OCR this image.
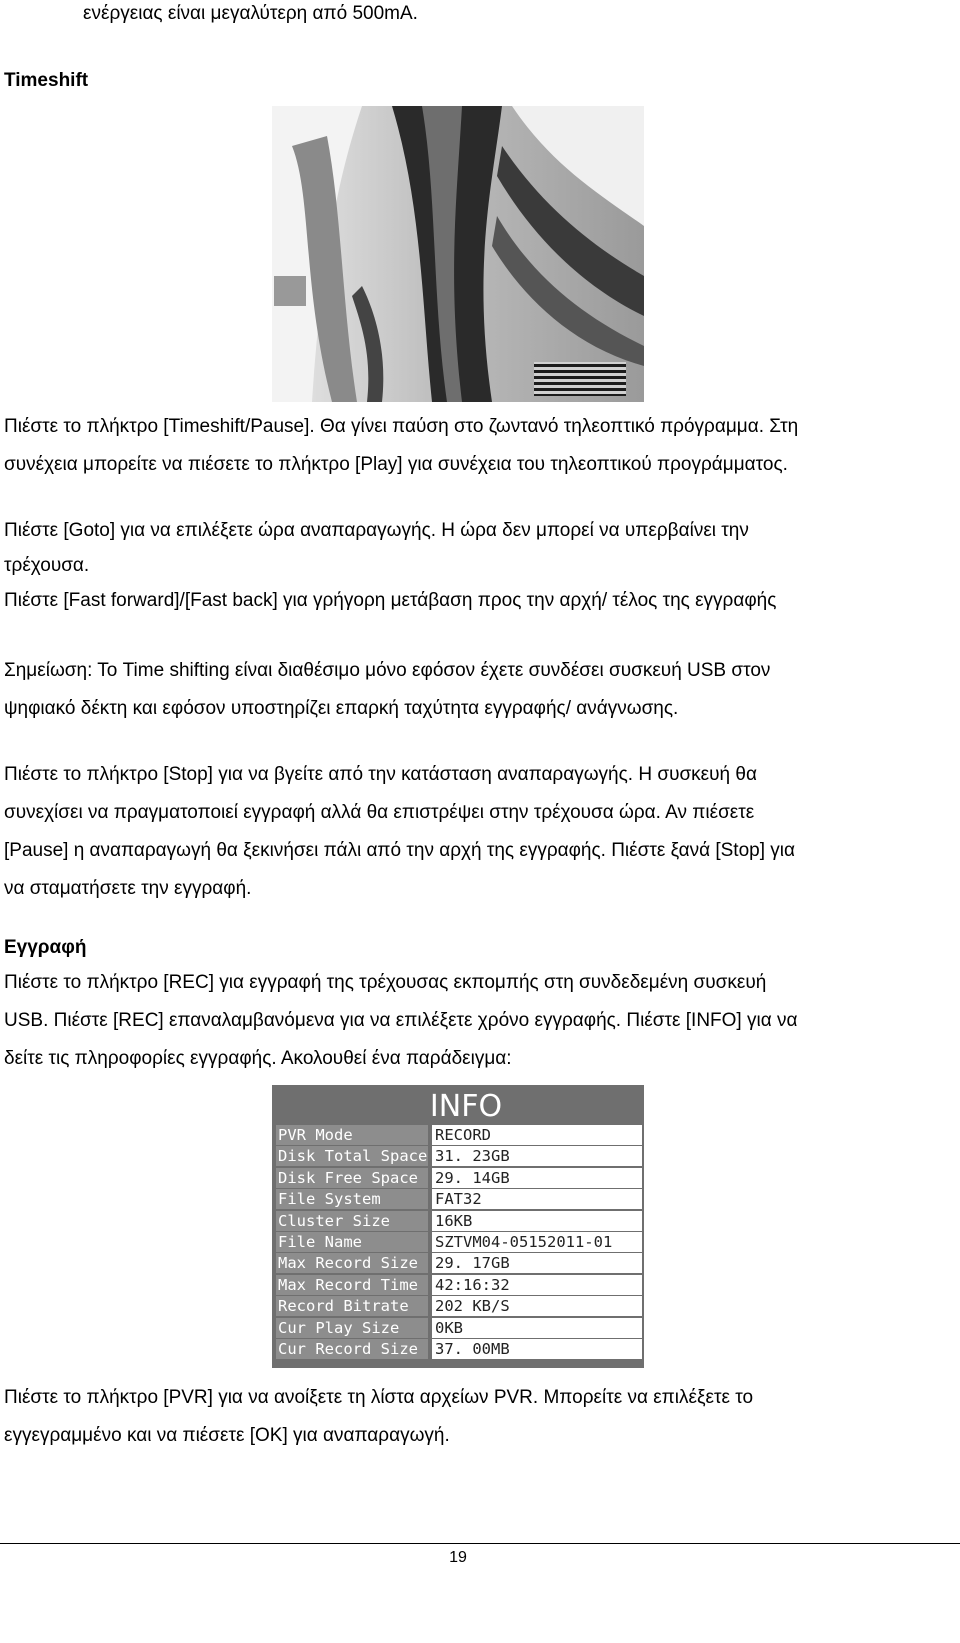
ενέργειας είναι μεγαλύτερη από 500mA.

Timeshift
Πιέστε το πλήκτρο [Timeshift/Pause]. Θα γίνει παύση στο ζωντανό τηλεοπτικό πρόγραμμα. Στη
συνέχεια μπορείτε να πιέσετε το πλήκτρο [Play] για συνέχεια του τηλεοπτικού προγράμματος.
Πιέστε [Goto] για να επιλέξετε ώρα αναπαραγωγής. Η ώρα δεν μπορεί να υπερβαίνει την
τρέχουσα.

Πιέστε [Fast forward]/[Fast back] για γρήγορη μετάβαση προς την αρχή/ τέλος της εγγραφής

Σημείωση: Το Time shifting είναι διαθέσιμο μόνο εφόσον έχετε συνδέσει συσκευή USB στον
ψηφιακό δέκτη και εφόσον υποστηρίζει επαρκή ταχύτητα εγγραφής/ ανάγνωσης.
Πιέστε το πλήκτρο [Stop] για να βγείτε από την κατάσταση αναπαραγωγής. Η συσκευή θα
συνεχίσει να πραγματοποιεί εγγραφή αλλά θα επιστρέψει στην τρέχουσα ώρα. Αν πιέσετε
[Pause] η αναπαραγωγή θα ξεκινήσει πάλι από την αρχή της εγγραφής. Πιέστε ξανά [Stop] για
να σταματήσετε την εγγραφή.
Εγγραφή
Πιέστε το πλήκτρο [REC] για εγγραφή της τρέχουσας εκπομπής στη συνδεδεμένη συσκευή
USB. Πιέστε [REC] επαναλαμβανόμενα για να επιλέξετε χρόνο εγγραφής. Πιέστε [INFO] για να
δείτε τις πληροφορίες εγγραφής. Ακολουθεί ένα παράδειγμα:
INFO
PVR Mode	RECORD
Disk Total Space 31. 23GB
Disk Free Space	29. 14GB
File System	FAT32
Cluster Size	16KB
File Name	SZTVM04-05152011-01
Max Record Size	29. 17GB
Max Record Time	42:16:32
Record Bitrate	202 KB/S
Cur Play Size	0KB
Cur Record Size	37. 00MB
Πιέστε το πλήκτρο [PVR] για να ανοίξετε τη λίστα αρχείων PVR. Μπορείτε να επιλέξετε το
εγγεγραμμένο και να πιέσετε [OK] για αναπαραγωγή.
19
